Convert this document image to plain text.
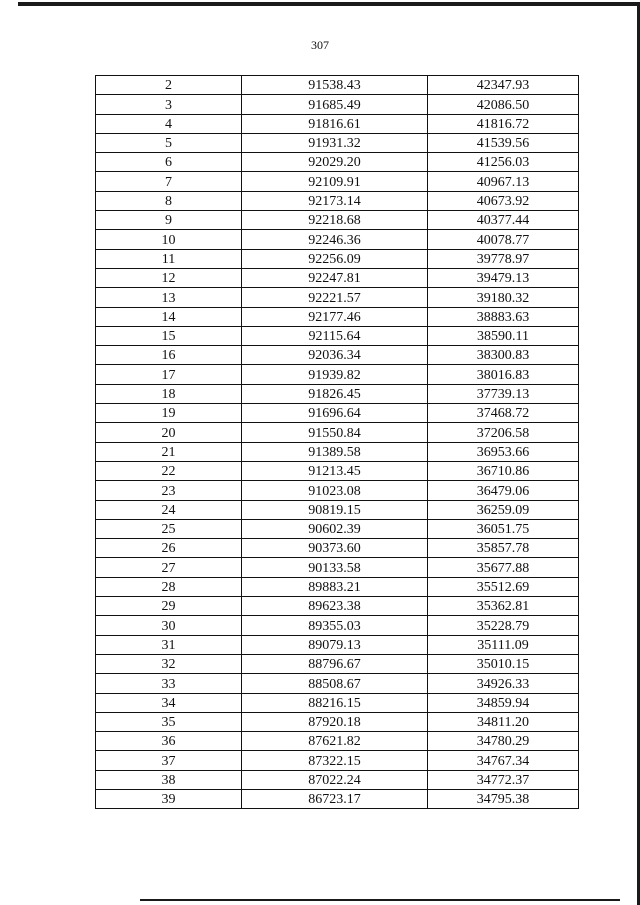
307
2	91538.43	42347.93
3	91685.49	42086.50
4	91816.61	41816.72
5	91931.32	41539.56
6	92029.20	41256.03
7	92109.91	40967.13
8	92173.14	40673.92
9	92218.68	40377.44
10	92246.36	40078.77
11	92256.09	39778.97
12	92247.81	39479.13
13	92221.57	39180.32
14	92177.46	38883.63
15	92115.64	38590.11
16	92036.34	38300.83
17	91939.82	38016.83
18	91826.45	37739.13
19	91696.64	37468.72
20	91550.84	37206.58
21	91389.58	36953.66
22	91213.45	36710.86
23	91023.08	36479.06
24	90819.15	36259.09
25	90602.39	36051.75
26	90373.60	35857.78
27	90133.58	35677.88
28	89883.21	35512.69
29	89623.38	35362.81
30	89355.03	35228.79
31	89079.13	35111.09
32	88796.67	35010.15
33	88508.67	34926.33
34	88216.15	34859.94
35	87920.18	34811.20
36	87621.82	34780.29
37	87322.15	34767.34
38	87022.24	34772.37
39	86723.17	34795.38
